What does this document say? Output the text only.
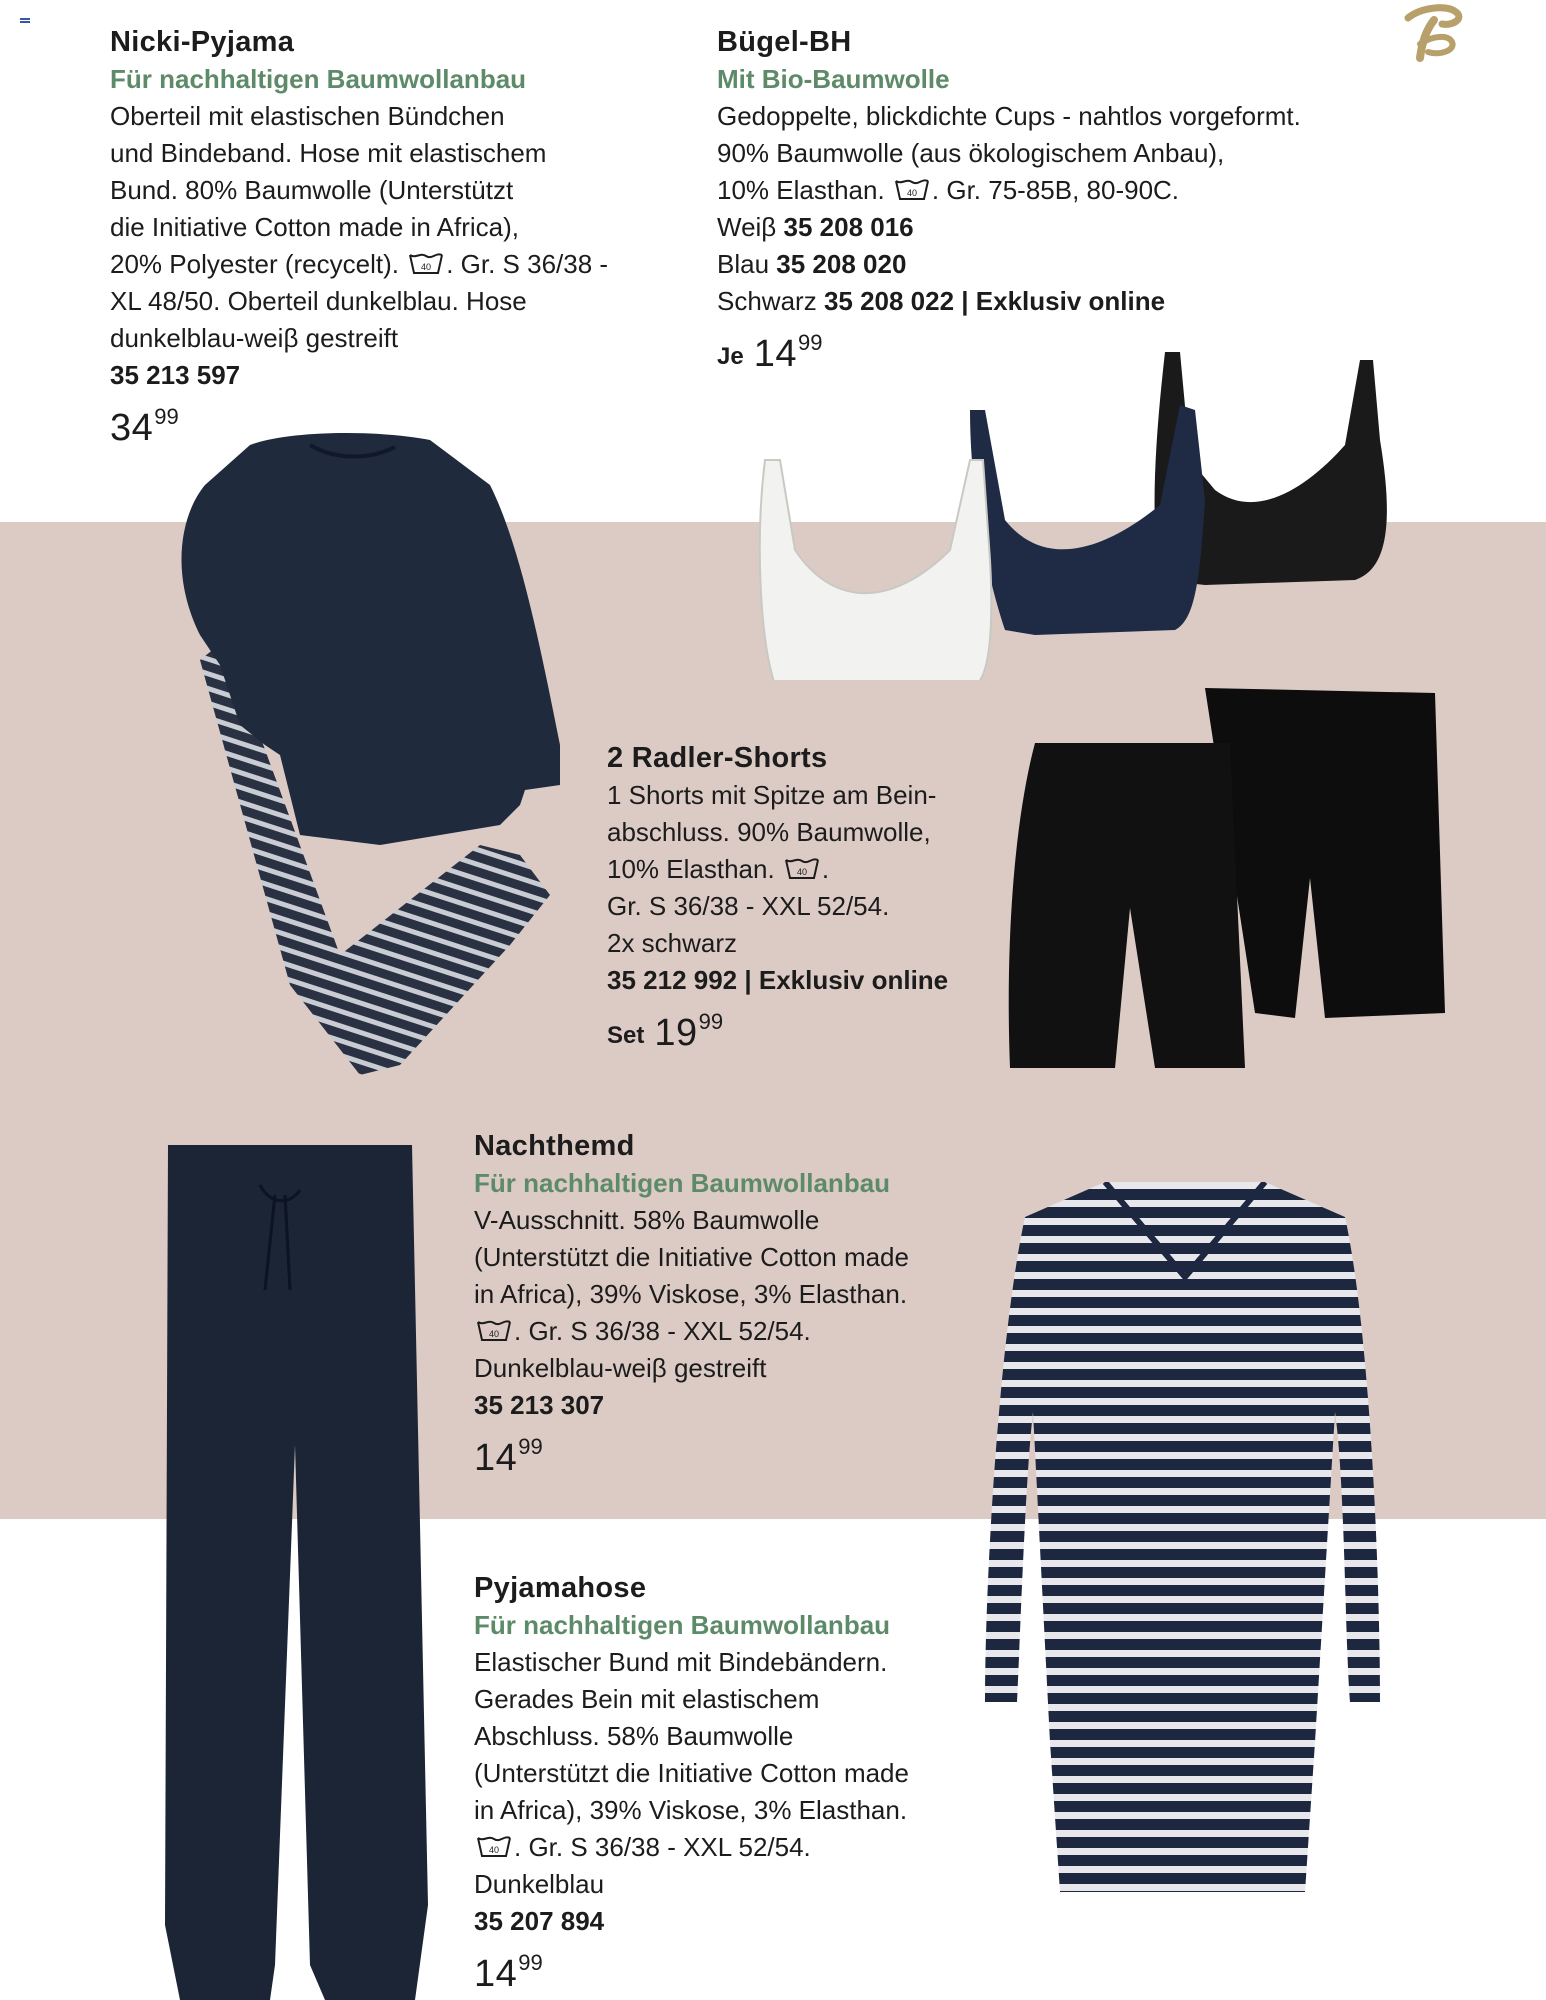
Nicki-Pyjama
Für nachhaltigen Baumwollanbau
Oberteil mit elastischen Bündchen
und Bindeband. Hose mit elastischem
Bund. 80% Baumwolle (Unterstützt
die Initiative Cotton made in Africa),
20% Polyester (recycelt). 40 . Gr. S 36/38 -
XL 48/50. Oberteil dunkelblau. Hose
dunkelblau-weiβ gestreift
35 213 597
3499
Bügel-BH
Mit Bio-Baumwolle
Gedoppelte, blickdichte Cups - nahtlos vorgeformt.
90% Baumwolle (aus ökologischem Anbau),
10% Elasthan. 40 . Gr. 75-85B, 80-90C.
Weiβ 35 208 016
Blau 35 208 020
Schwarz 35 208 022 | Exklusiv online
Je 1499
2 Radler-Shorts
1 Shorts mit Spitze am Bein-
abschluss. 90% Baumwolle,
10% Elasthan. 40 .
Gr. S 36/38 - XXL 52/54.
2x schwarz
35 212 992 | Exklusiv online
Set 1999
Nachthemd
Für nachhaltigen Baumwollanbau
V-Ausschnitt. 58% Baumwolle
(Unterstützt die Initiative Cotton made
in Africa), 39% Viskose, 3% Elasthan.
40 . Gr. S 36/38 - XXL 52/54.
Dunkelblau-weiβ gestreift
35 213 307
1499
Pyjamahose
Für nachhaltigen Baumwollanbau
Elastischer Bund mit Bindebändern.
Gerades Bein mit elastischem
Abschluss. 58% Baumwolle
(Unterstützt die Initiative Cotton made
in Africa), 39% Viskose, 3% Elasthan.
40 . Gr. S 36/38 - XXL 52/54.
Dunkelblau
35 207 894
1499
